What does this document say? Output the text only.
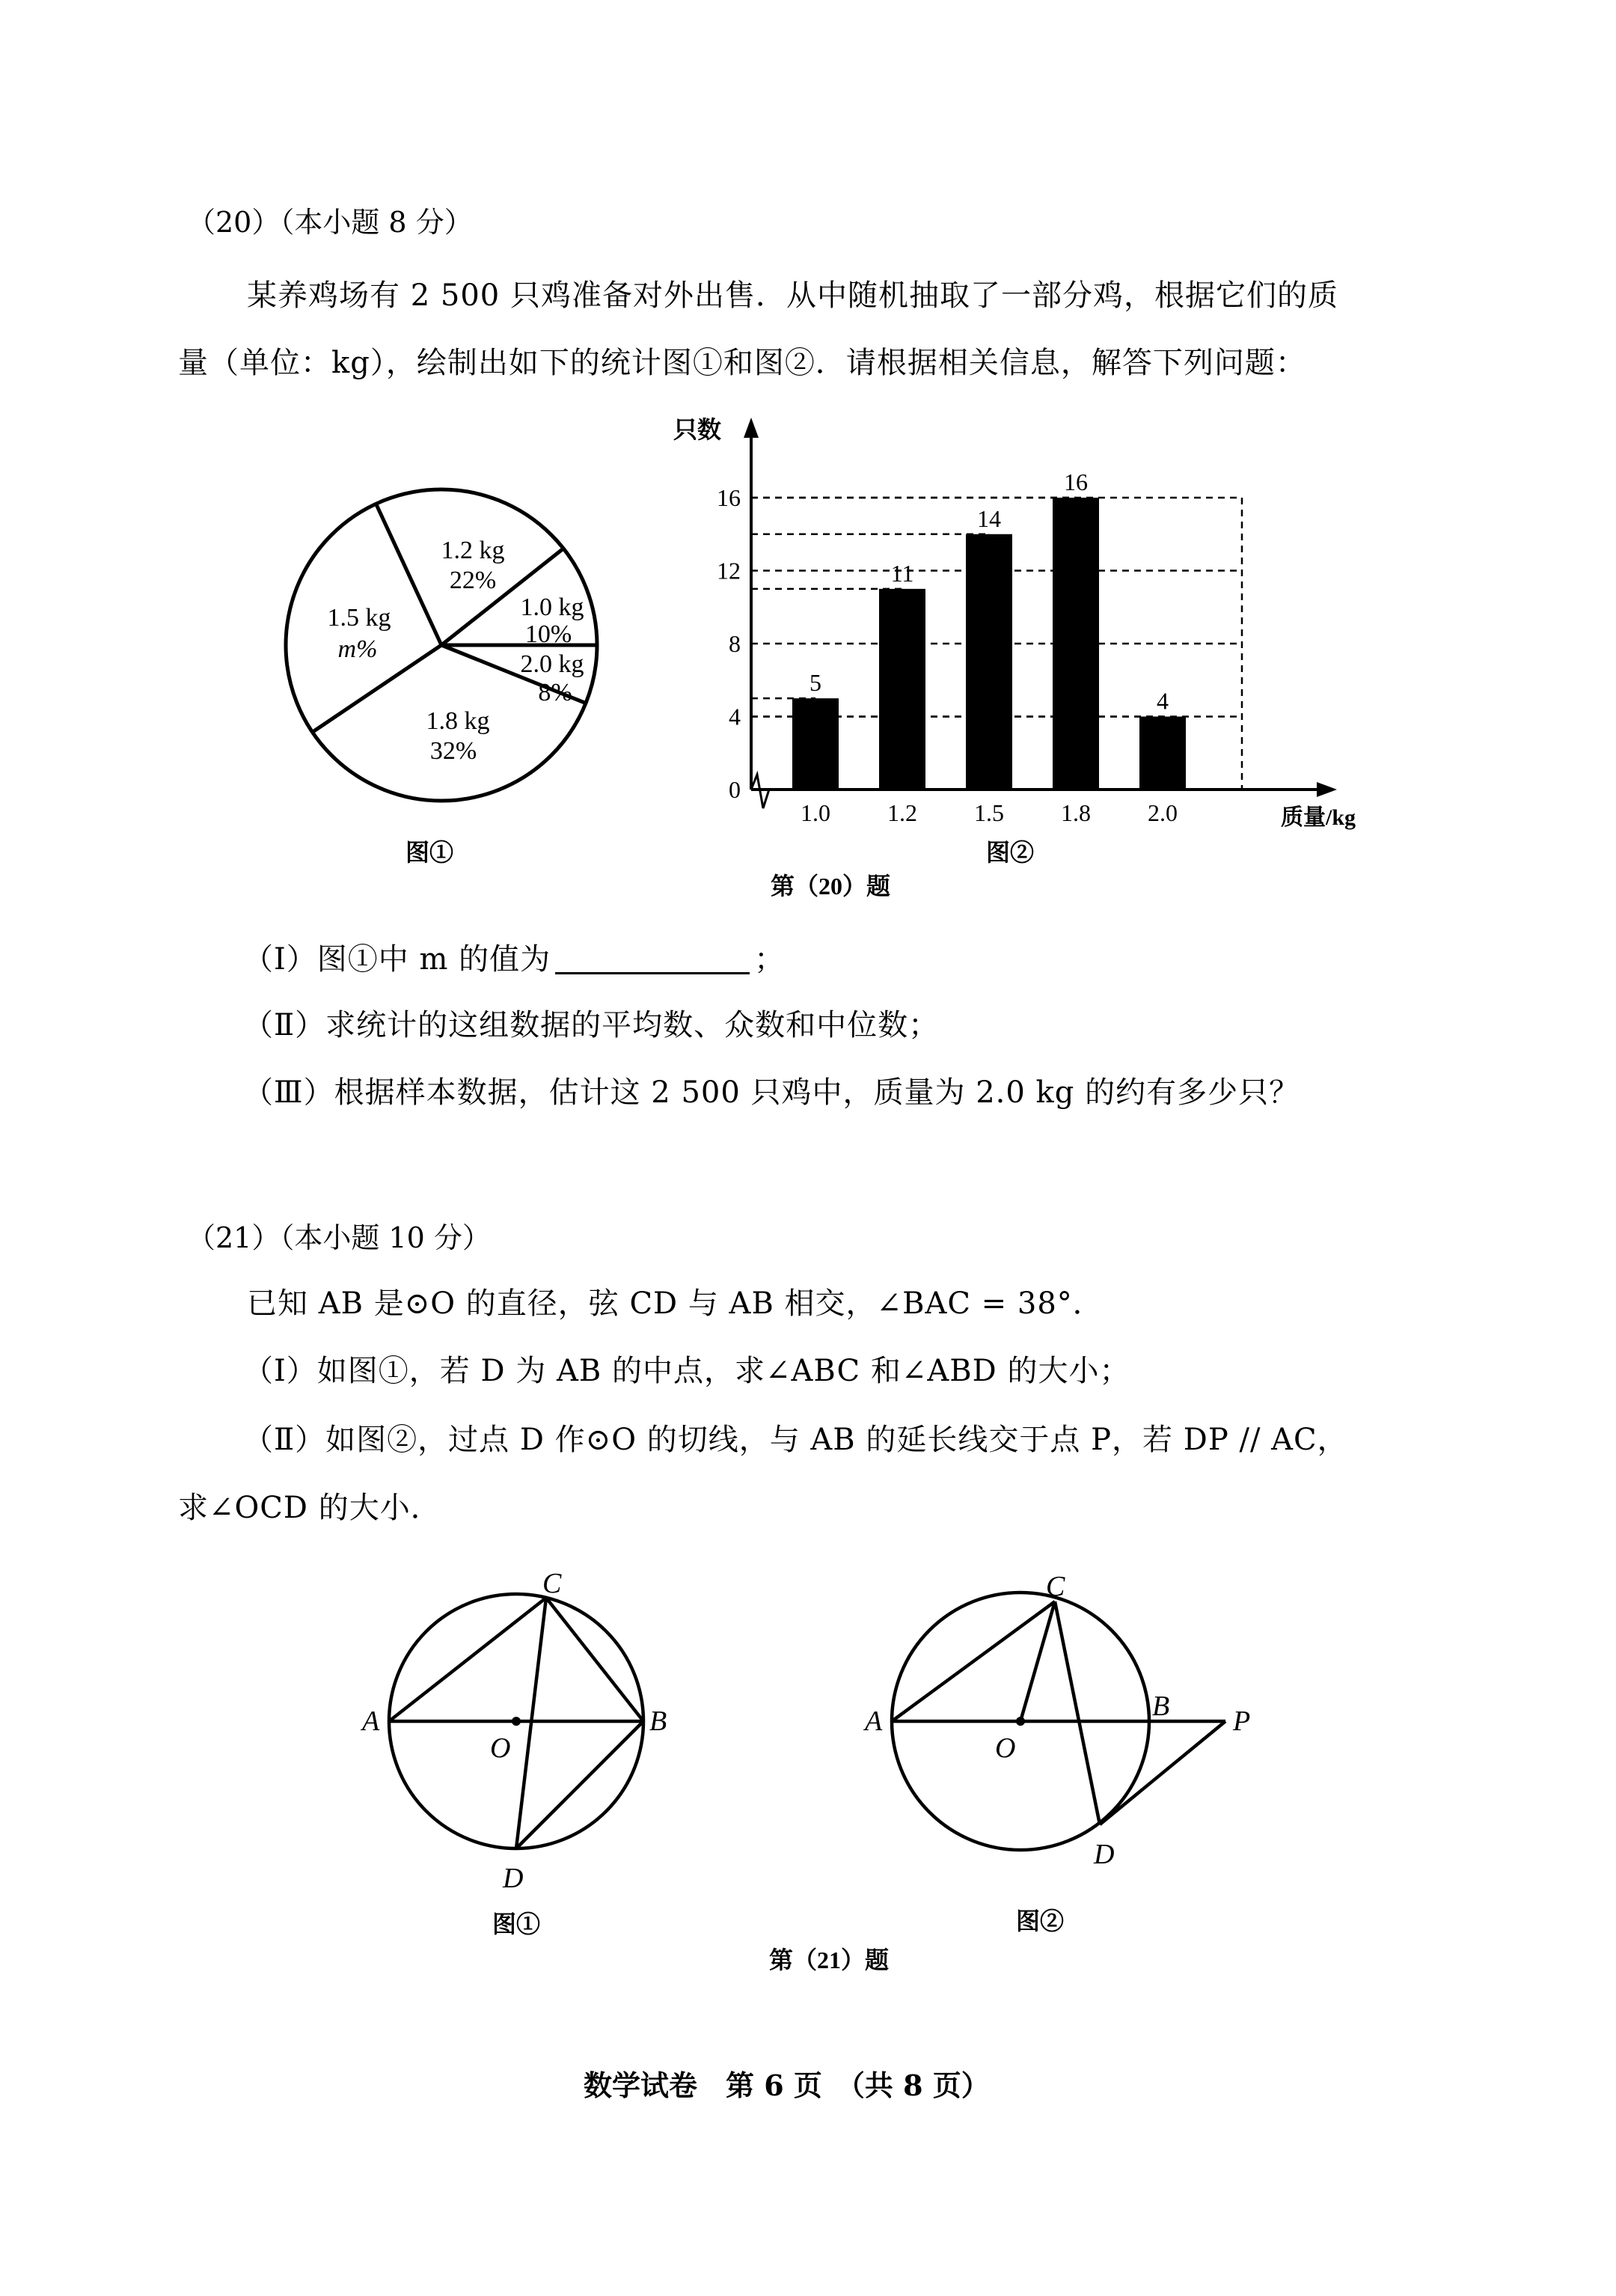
（20）（本小题 8 分）
某养鸡场有 2 500 只鸡准备对外出售．从中随机抽取了一部分鸡，根据它们的质
量（单位：kg），绘制出如下的统计图①和图②．请根据相关信息，解答下列问题：
1.2 kg
22%
1.0 kg
10%
2.0 kg
8%
1.8 kg
32%
1.5 kg
m%
图①
0
4
8
12
16
5
11
14
16
4
1.0 1.2 1.5 1.8 2.0
只数
质量/kg
图②
第（20）题
C
A	B
O
D
图①
C
A	B P
O
D
图②
第（21）题
（Ⅰ）图①中 m 的值为	；
（Ⅱ）求统计的这组数据的平均数、众数和中位数；
（Ⅲ）根据样本数据，估计这 2 500 只鸡中，质量为 2.0 kg 的约有多少只？
（21）（本小题 10 分）
已知 AB 是⊙O 的直径，弦 CD 与 AB 相交，∠BAC = 38°．
（Ⅰ）如图①，若 D 为 AB 的中点，求∠ABC 和∠ABD 的大小；
（Ⅱ）如图②，过点 D 作⊙O 的切线，与 AB 的延长线交于点 P，若 DP // AC，
求∠OCD 的大小．
数学试卷　第 6 页　（共 8 页）
